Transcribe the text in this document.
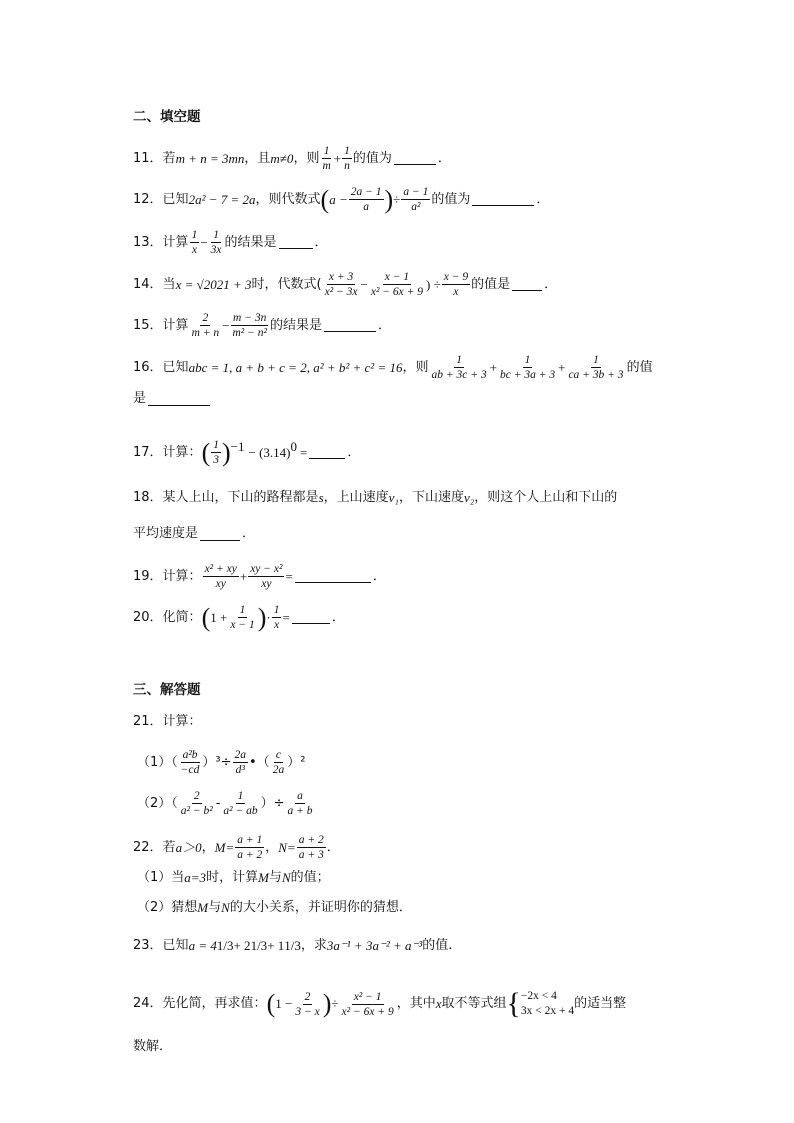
二、填空题
11． 若 m + n = 3mn ，且 m≠0 ，则 $\frac{1}{m} + \frac{1}{n}$ 的值为	．
12． 已知 2a² − 7 = 2a ，则代数式 ( $a - \frac{2a - 1}{a}$ ) ÷ $\frac{a - 1}{\text{a²}}$ 的值为	．
13． 计算 $\frac{1}{x} - \frac{1}{3x}$ 的结果是	．
14． 当 x = √2021 + 3 时，代数式( $\frac{x + 3}{\text{x² − 3x}} - \frac{x - 1}{\text{x² − 6x + 9}}$ ) ÷ $\frac{x - 9}{x}$ 的值是	．
15． 计算 $\frac{2}{m + n} - \frac{m - 3n}{\text{m² − n²}}$ 的结果是	．
16． 已知 abc = 1, a + b + c = 2, a² + b² + c² = 16 ，则 $\frac{1}{ab + 3c + 3} + \frac{1}{bc + 3a + 3} + \frac{1}{ca + 3b + 3}$ 的值
是
17． 计算： ( $\frac{1}{3}$ ) −1 − (3.14) 0 =	．
18． 某人上山，下山的路程都是 s ，上山速度 v₁ ，下山速度 v₂ ，则这个人上山和下山的
平均速度是	．
19． 计算： $\frac{\text{x² + xy}}{xy} + \frac{\text{xy − x²}}{xy}$ =	．
20． 化简： ( $1 + \frac{1}{x - 1}$ ) · $\frac{1}{x}$ =	．
三、解答题
21． 计算：
$(1)( \frac{\text{a²b}}{-cd} )^3\div \frac{2a}{\text{d³}}$ •（ $\frac{c}{2a} )^2$
$(2)( \frac{2}{\text{a² − b²}} - \frac{1}{\text{a² − ab}}$ ）÷ $\frac{a}{a + b}$
22． 若 a＞0 ， $M= \frac{a + 1}{a + 2}$ ， $N= \frac{a + 2}{a + 3}$ ．
（1）当 a=3 时，计算 M 与 N 的值；
（2）猜想 M 与 N 的大小关系，并证明你的猜想．
23． 已知 a = 4 1/3 + 2 1/3 + 1 1/3 ，求 3a⁻¹ + 3a⁻² + a⁻³ 的值.
24． 先化简，再求值： ( $1 - \frac{2}{3 - x}$ ) ÷ $\frac{\text{x² − 1}}{\text{x² − 6x + 9}}$ ，其中 x 取不等式组 { −2x < 4
3x < 2x + 4 的适当整
数解．
